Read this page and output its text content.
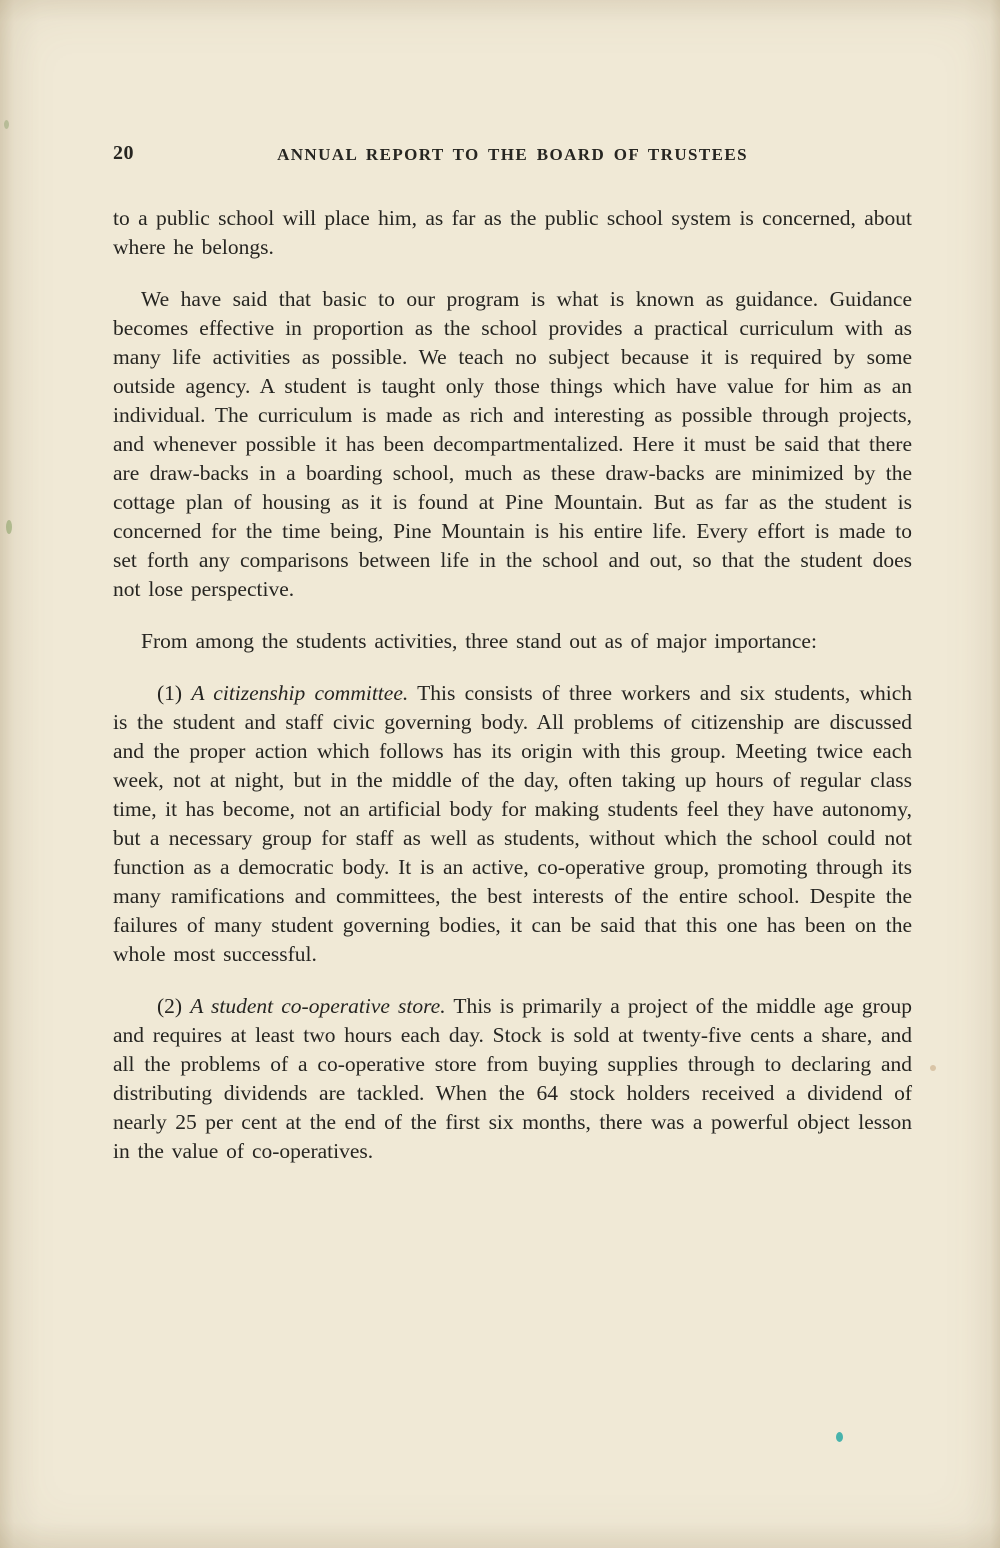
20	ANNUAL REPORT TO THE BOARD OF TRUSTEES

to a public school will place him, as far as the public school system is concerned, about where he belongs.

We have said that basic to our program is what is known as guidance. Guidance becomes effective in proportion as the school provides a practical curriculum with as many life activities as possible. We teach no subject because it is required by some outside agency. A student is taught only those things which have value for him as an individual. The curriculum is made as rich and interesting as possible through projects, and whenever possible it has been decompartmentalized. Here it must be said that there are draw-backs in a boarding school, much as these draw-backs are minimized by the cottage plan of housing as it is found at Pine Mountain. But as far as the student is concerned for the time being, Pine Mountain is his entire life. Every effort is made to set forth any comparisons between life in the school and out, so that the student does not lose perspective.

From among the students activities, three stand out as of major importance:

(1) A citizenship committee. This consists of three workers and six students, which is the student and staff civic governing body. All problems of citizenship are discussed and the proper action which follows has its origin with this group. Meeting twice each week, not at night, but in the middle of the day, often taking up hours of regular class time, it has become, not an artificial body for making students feel they have autonomy, but a necessary group for staff as well as students, without which the school could not function as a democratic body. It is an active, co-operative group, promoting through its many ramifications and committees, the best interests of the entire school. Despite the failures of many student governing bodies, it can be said that this one has been on the whole most successful.

(2) A student co-operative store. This is primarily a project of the middle age group and requires at least two hours each day. Stock is sold at twenty-five cents a share, and all the problems of a co-operative store from buying supplies through to declaring and distributing dividends are tackled. When the 64 stock holders received a dividend of nearly 25 per cent at the end of the first six months, there was a powerful object lesson in the value of co-operatives.
